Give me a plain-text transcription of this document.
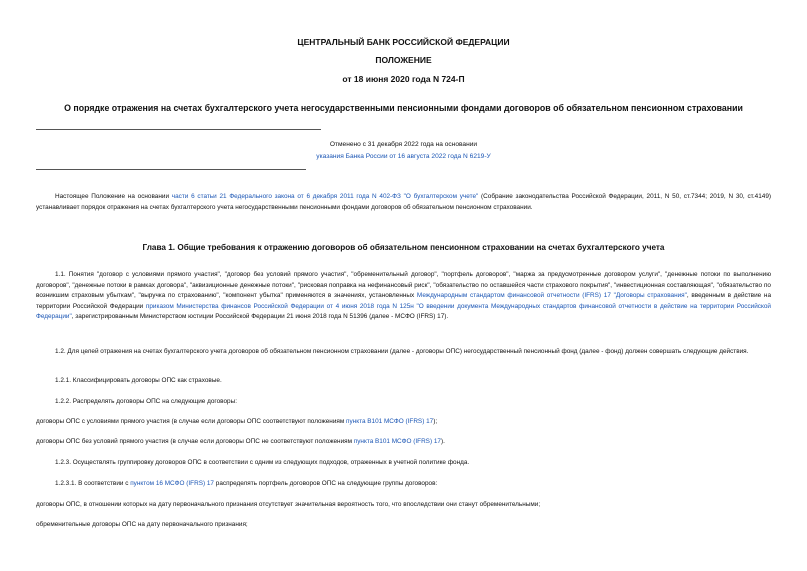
ЦЕНТРАЛЬНЫЙ БАНК РОССИЙСКОЙ ФЕДЕРАЦИИ
ПОЛОЖЕНИЕ
от 18 июня 2020 года N 724-П
О порядке отражения на счетах бухгалтерского учета негосударственными пенсионными фондами договоров об обязательном пенсионном страховании
Отменено с 31 декабря 2022 года на основании
указания Банка России от 16 августа 2022 года N 6219-У
Настоящее Положение на основании части 6 статьи 21 Федерального закона от 6 декабря 2011 года N 402-ФЗ "О бухгалтерском учете" (Собрание законодательства Российской Федерации, 2011, N 50, ст.7344; 2019, N 30, ст.4149) устанавливает порядок отражения на счетах бухгалтерского учета негосударственными пенсионными фондами договоров об обязательном пенсионном страховании.
Глава 1. Общие требования к отражению договоров об обязательном пенсионном страховании на счетах бухгалтерского учета
1.1. Понятия "договор с условиями прямого участия", "договор без условий прямого участия", "обременительный договор", "портфель договоров", "маржа за предусмотренные договором услуги", "денежные потоки по выполнению договоров", "денежные потоки в рамках договора", "аквизиционные денежные потоки", "рисковая поправка на нефинансовый риск", "обязательство по оставшейся части страхового покрытия", "инвестиционная составляющая", "обязательство по возникшим страховым убыткам", "выручка по страхованию", "компонент убытка" применяются в значениях, установленных Международным стандартом финансовой отчетности (IFRS) 17 "Договоры страхования", введенным в действие на территории Российской Федерации приказом Министерства финансов Российской Федерации от 4 июня 2018 года N 125н "О введении документа Международных стандартов финансовой отчетности в действие на территории Российской Федерации", зарегистрированным Министерством юстиции Российской Федерации 21 июня 2018 года N 51396 (далее - МСФО (IFRS) 17).
1.2. Для целей отражения на счетах бухгалтерского учета договоров об обязательном пенсионном страховании (далее - договоры ОПС) негосударственный пенсионный фонд (далее - фонд) должен совершать следующие действия.
1.2.1. Классифицировать договоры ОПС как страховые.
1.2.2. Распределять договоры ОПС на следующие договоры:
договоры ОПС с условиями прямого участия (в случае если договоры ОПС соответствуют положениям пункта В101 МСФО (IFRS) 17);
договоры ОПС без условий прямого участия (в случае если договоры ОПС не соответствуют положениям пункта В101 МСФО (IFRS) 17).
1.2.3. Осуществлять группировку договоров ОПС в соответствии с одним из следующих подходов, отраженных в учетной политике фонда.
1.2.3.1. В соответствии с пунктом 16 МСФО (IFRS) 17 распределять портфель договоров ОПС на следующие группы договоров:
договоры ОПС, в отношении которых на дату первоначального признания отсутствует значительная вероятность того, что впоследствии они станут обременительными;
обременительные договоры ОПС на дату первоначального признания;
